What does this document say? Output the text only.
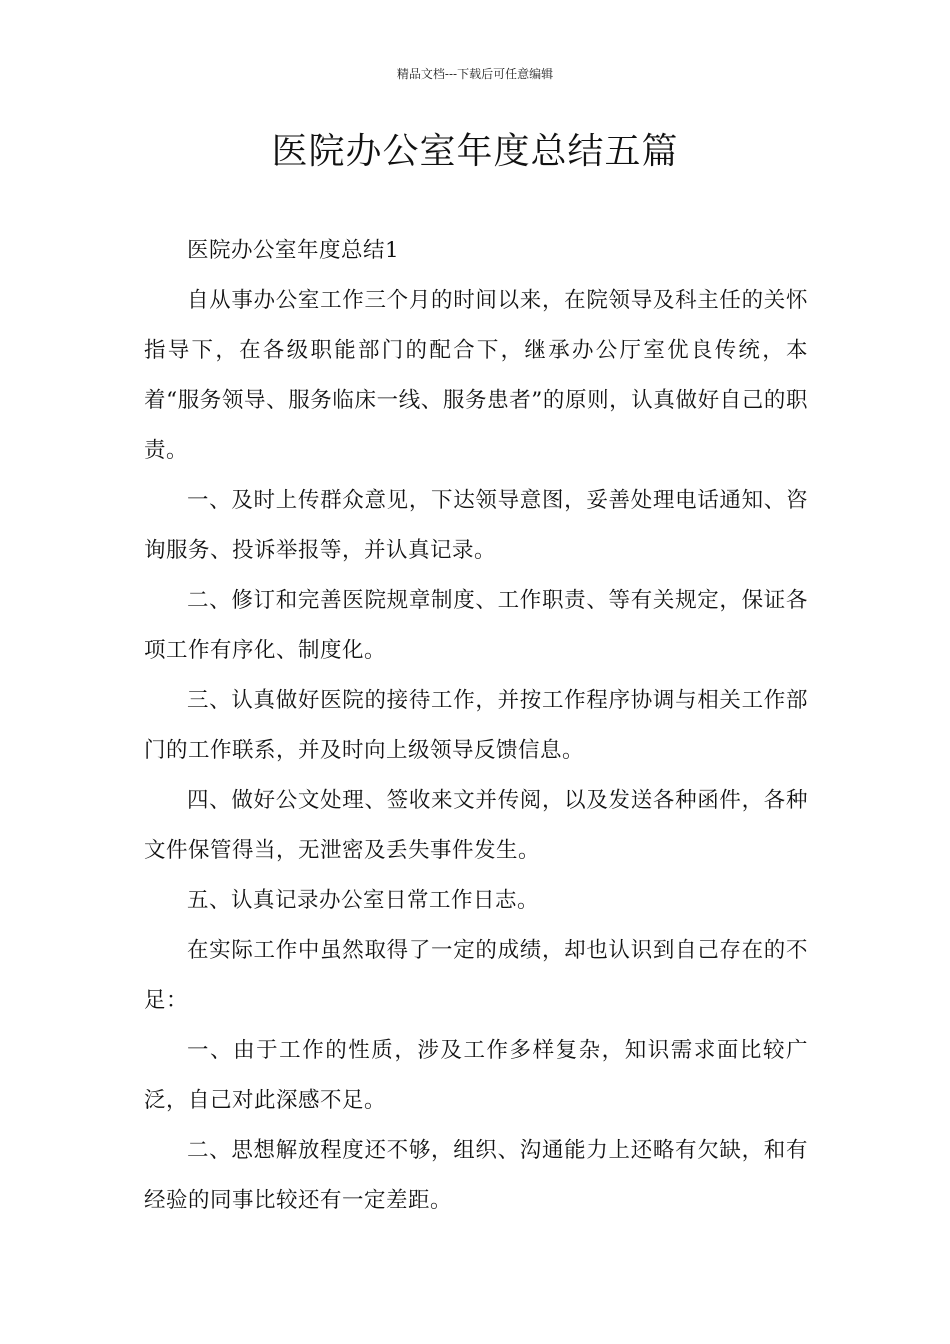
精品文档---下载后可任意编辑
医院办公室年度总结五篇

医院办公室年度总结1

自从事办公室工作三个月的时间以来，在院领导及科主任的关怀指导下，在各级职能部门的配合下，继承办公厅室优良传统，本着“服务领导、服务临床一线、服务患者”的原则，认真做好自己的职责。

一、及时上传群众意见，下达领导意图，妥善处理电话通知、咨询服务、投诉举报等，并认真记录。

二、修订和完善医院规章制度、工作职责、等有关规定，保证各项工作有序化、制度化。

三、认真做好医院的接待工作，并按工作程序协调与相关工作部门的工作联系，并及时向上级领导反馈信息。

四、做好公文处理、签收来文并传阅，以及发送各种函件，各种文件保管得当，无泄密及丢失事件发生。

五、认真记录办公室日常工作日志。

在实际工作中虽然取得了一定的成绩，却也认识到自己存在的不足：

一、由于工作的性质，涉及工作多样复杂，知识需求面比较广泛，自己对此深感不足。

二、思想解放程度还不够，组织、沟通能力上还略有欠缺，和有经验的同事比较还有一定差距。
